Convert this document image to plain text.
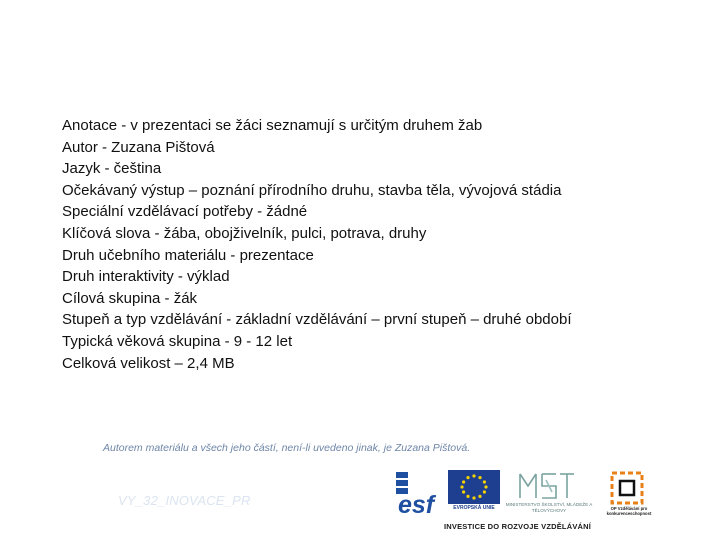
Anotace - v prezentaci se žáci seznamují s určitým druhem žab
Autor - Zuzana Pištová
Jazyk - čeština
Očekávaný výstup – poznání přírodního druhu, stavba těla, vývojová stádia
Speciální vzdělávací potřeby - žádné
Klíčová slova - žába, obojživelník, pulci, potrava, druhy
Druh učebního materiálu - prezentace
Druh interaktivity - výklad
Cílová skupina - žák
Stupeň a typ vzdělávání - základní vzdělávání – první stupeň – druhé období
Typická věková skupina - 9 - 12 let
Celková velikost – 2,4 MB
Autorem materiálu a všech jeho částí, není-li uvedeno jinak, je Zuzana Pištová.
VY_32_INOVACE_PR	esf	EVROPSKÁ UNIE
MINISTERSTVO ŠKOLSTVÍ, MLÁDEŽE A TĚLOVÝCHOVY	OP Vzdělávání pro konkurenceschopnost
INVESTICE DO ROZVOJE VZDĚLÁVÁNÍ
